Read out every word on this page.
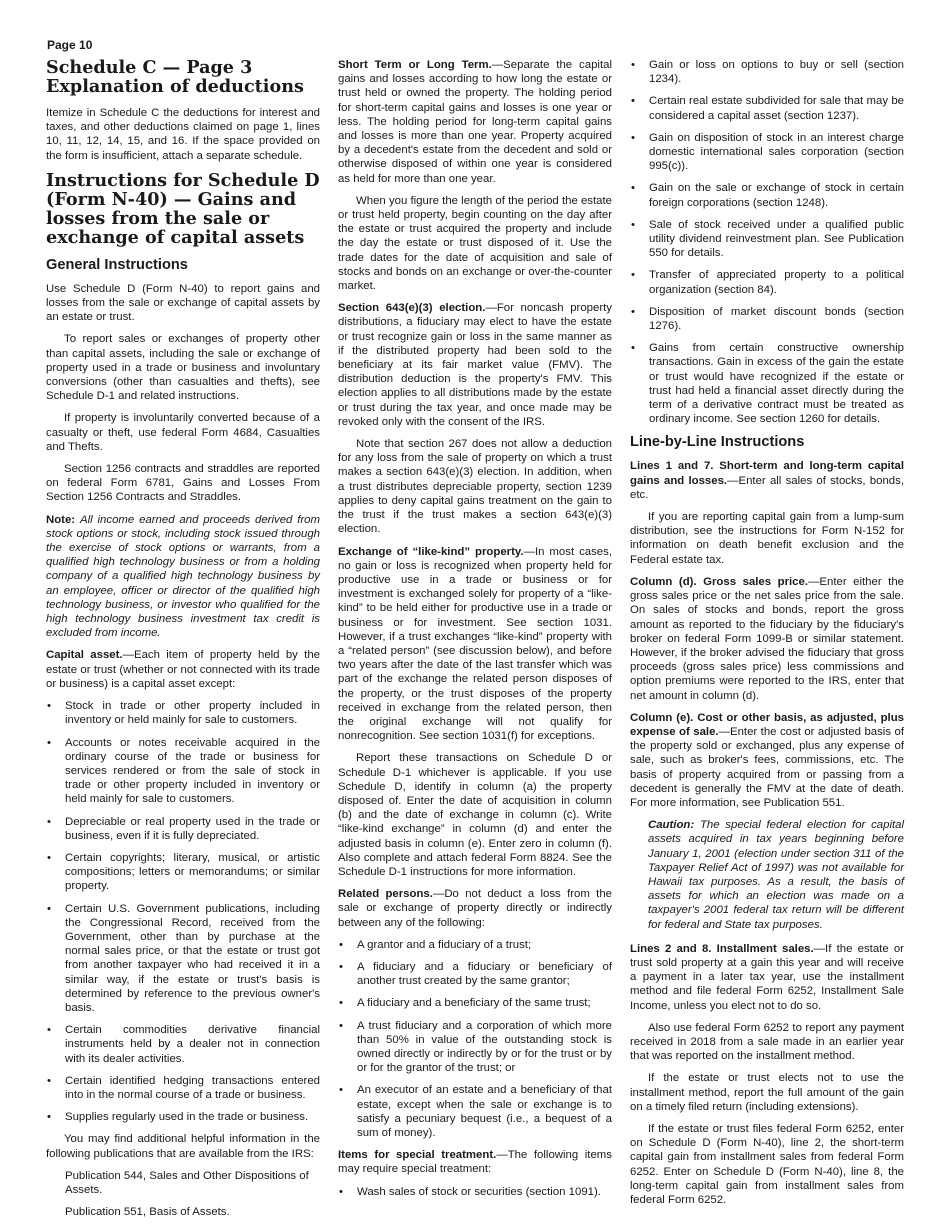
Page 10
Schedule C — Page 3 Explanation of deductions

Itemize in Schedule C the deductions for interest and taxes, and other deductions claimed on page 1, lines 10, 11, 12, 14, 15, and 16. If the space provided on the form is insufficient, attach a separate schedule.

Instructions for Schedule D (Form N-40) — Gains and losses from the sale or exchange of capital assets
General Instructions

Use Schedule D (Form N-40) to report gains and losses from the sale or exchange of capital assets by an estate or trust.

To report sales or exchanges of property other than capital assets, including the sale or exchange of property used in a trade or business and involuntary conversions (other than casualties and thefts), see Schedule D-1 and related instructions.

If property is involuntarily converted because of a casualty or theft, use federal Form 4684, Casualties and Thefts.

Section 1256 contracts and straddles are reported on federal Form 6781, Gains and Losses From Section 1256 Contracts and Straddles.

Note: All income earned and proceeds derived from stock options or stock, including stock issued through the exercise of stock options or warrants, from a qualified high technology business or from a holding company of a qualified high technology business by an employee, officer or director of the qualified high technology business, or investor who qualified for the high technology business investment tax credit is excluded from income.

Capital asset.—Each item of property held by the estate or trust (whether or not connected with its trade or business) is a capital asset except:

• Stock in trade or other property included in inventory or held mainly for sale to customers.
• Accounts or notes receivable acquired in the ordinary course of the trade or business for services rendered or from the sale of stock in trade or other property included in inventory or held mainly for sale to customers.
• Depreciable or real property used in the trade or business, even if it is fully depreciated.
• Certain copyrights; literary, musical, or artistic compositions; letters or memorandums; or similar property.
• Certain U.S. Government publications, including the Congressional Record, received from the Government, other than by purchase at the normal sales price, or that the estate or trust got from another taxpayer who had received it in a similar way, if the estate or trust's basis is determined by reference to the previous owner's basis.
• Certain commodities derivative financial instruments held by a dealer not in connection with its dealer activities.
• Certain identified hedging transactions entered into in the normal course of a trade or business.
• Supplies regularly used in the trade or business.

You may find additional helpful information in the following publications that are available from the IRS:

Publication 544, Sales and Other Dispositions of Assets.

Publication 551, Basis of Assets.

Short Term or Long Term.—Separate the capital gains and losses according to how long the estate or trust held or owned the property. The holding period for short-term capital gains and losses is one year or less. The holding period for long-term capital gains and losses is more than one year. Property acquired by a decedent's estate from the decedent and sold or otherwise disposed of within one year is considered as held for more than one year.

When you figure the length of the period the estate or trust held property, begin counting on the day after the estate or trust acquired the property and include the day the estate or trust disposed of it. Use the trade dates for the date of acquisition and sale of stocks and bonds on an exchange or over-the-counter market.

Section 643(e)(3) election.—For noncash property distributions, a fiduciary may elect to have the estate or trust recognize gain or loss in the same manner as if the distributed property had been sold to the beneficiary at its fair market value (FMV). The distribution deduction is the property's FMV. This election applies to all distributions made by the estate or trust during the tax year, and once made may be revoked only with the consent of the IRS.

Note that section 267 does not allow a deduction for any loss from the sale of property on which a trust makes a section 643(e)(3) election. In addition, when a trust distributes depreciable property, section 1239 applies to deny capital gains treatment on the gain to the trust if the trust makes a section 643(e)(3) election.

Exchange of “like-kind” property.—In most cases, no gain or loss is recognized when property held for productive use in a trade or business or for investment is exchanged solely for property of a “like-kind” to be held either for productive use in a trade or business or for investment. See section 1031. However, if a trust exchanges “like-kind” property with a “related person” (see discussion below), and before two years after the date of the last transfer which was part of the exchange the related person disposes of the property, or the trust disposes of the property received in exchange from the related person, then the original exchange will not qualify for nonrecognition. See section 1031(f) for exceptions.

Report these transactions on Schedule D or Schedule D-1 whichever is applicable. If you use Schedule D, identify in column (a) the property disposed of. Enter the date of acquisition in column (b) and the date of exchange in column (c). Write “like-kind exchange” in column (d) and enter the adjusted basis in column (e). Enter zero in column (f). Also complete and attach federal Form 8824. See the Schedule D-1 instructions for more information.

Related persons.—Do not deduct a loss from the sale or exchange of property directly or indirectly between any of the following:

• A grantor and a fiduciary of a trust;
• A fiduciary and a fiduciary or beneficiary of another trust created by the same grantor;
• A fiduciary and a beneficiary of the same trust;
• A trust fiduciary and a corporation of which more than 50% in value of the outstanding stock is owned directly or indirectly by or for the trust or by or for the grantor of the trust; or
• An executor of an estate and a beneficiary of that estate, except when the sale or exchange is to satisfy a pecuniary bequest (i.e., a bequest of a sum of money).

Items for special treatment.—The following items may require special treatment:

• Wash sales of stock or securities (section 1091).
• Gain or loss on options to buy or sell (section 1234).
• Certain real estate subdivided for sale that may be considered a capital asset (section 1237).
• Gain on disposition of stock in an interest charge domestic international sales corporation (section 995(c)).
• Gain on the sale or exchange of stock in certain foreign corporations (section 1248).
• Sale of stock received under a qualified public utility dividend reinvestment plan. See Publication 550 for details.
• Transfer of appreciated property to a political organization (section 84).
• Disposition of market discount bonds (section 1276).
• Gains from certain constructive ownership transactions. Gain in excess of the gain the estate or trust would have recognized if the estate or trust had held a financial asset directly during the term of a derivative contract must be treated as ordinary income. See section 1260 for details.
Line-by-Line Instructions

Lines 1 and 7. Short-term and long-term capital gains and losses.—Enter all sales of stocks, bonds, etc.

If you are reporting capital gain from a lump-sum distribution, see the instructions for Form N-152 for information on death benefit exclusion and the Federal estate tax.

Column (d). Gross sales price.—Enter either the gross sales price or the net sales price from the sale. On sales of stocks and bonds, report the gross amount as reported to the fiduciary by the fiduciary's broker on federal Form 1099-B or similar statement. However, if the broker advised the fiduciary that gross proceeds (gross sales price) less commissions and option premiums were reported to the IRS, enter that net amount in column (d).

Column (e). Cost or other basis, as adjusted, plus expense of sale.—Enter the cost or adjusted basis of the property sold or exchanged, plus any expense of sale, such as broker's fees, commissions, etc. The basis of property acquired from or passing from a decedent is generally the FMV at the date of death. For more information, see Publication 551.

Caution: The special federal election for capital assets acquired in tax years beginning before January 1, 2001 (election under section 311 of the Taxpayer Relief Act of 1997) was not available for Hawaii tax purposes. As a result, the basis of assets for which an election was made on a taxpayer's 2001 federal tax return will be different for federal and State tax purposes.

Lines 2 and 8. Installment sales.—If the estate or trust sold property at a gain this year and will receive a payment in a later tax year, use the installment method and file federal Form 6252, Installment Sale Income, unless you elect not to do so.

Also use federal Form 6252 to report any payment received in 2018 from a sale made in an earlier year that was reported on the installment method.

If the estate or trust elects not to use the installment method, report the full amount of the gain on a timely filed return (including extensions).

If the estate or trust files federal Form 6252, enter on Schedule D (Form N-40), line 2, the short-term capital gain from installment sales from federal Form 6252. Enter on Schedule D (Form N-40), line 8, the long-term capital gain from installment sales from federal Form 6252.
